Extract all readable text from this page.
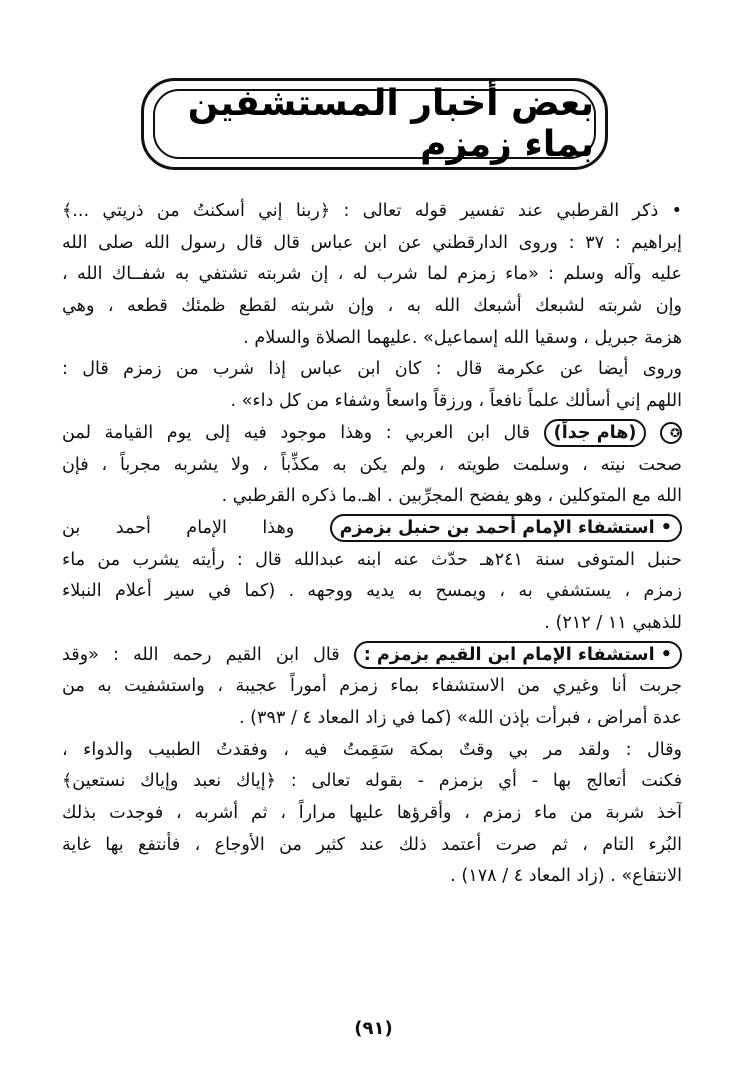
بعض أخبار المستشفين بماء زمزم
• ذكر القرطبي عند تفسير قوله تعالى : ﴿ربنا إني أسكنتُ من ذريتي ...﴾
إبراهيم : ٣٧ : وروى الدارقطني عن ابن عباس قال قال رسول الله صلى الله
عليه وآله وسلم : «ماء زمزم لما شرب له ، إن شربته تشتفي به شفــاك الله ،
وإن شربته لشبعك أشبعك الله به ، وإن شربته لقطع ظمئك قطعه ، وهي
هزمة جبريل ، وسقيا الله إسماعيل» .عليهما الصلاة والسلام .
وروى أيضا عن عكرمة قال : كان ابن عباس إذا شرب من زمزم قال :
اللهم إني أسألك علماً نافعاً ، ورزقاً واسعاً وشفاء من كل داء» .
✪ (هام جداً) قال ابن العربي : وهذا موجود فيه إلى يوم القيامة لمن
صحت نيته ، وسلمت طويته ، ولم يكن به مكذِّباً ، ولا يشربه مجرباً ، فإن
الله مع المتوكلين ، وهو يفضح المجرِّبين . اهـ.ما ذكره القرطبي .
• استشفاء الإمام أحمد بن حنبل بزمزم وهذا الإمام أحمد بن
حنبل المتوفى سنة ٢٤١هـ حدّث عنه ابنه عبدالله قال : رأيته يشرب من ماء
زمزم ، يستشفي به ، ويمسح به يديه ووجهه . (كما في سير أعلام النبلاء
للذهبي ١١ / ٢١٢) .
• استشفاء الإمام ابن القيم بزمزم : قال ابن القيم رحمه الله : «وقد
جربت أنا وغيري من الاستشفاء بماء زمزم أموراً عجيبة ، واستشفيت به من
عدة أمراض ، فبرأت بإذن الله» (كما في زاد المعاد ٤ / ٣٩٣) .
وقال : ولقد مر بي وقتٌ بمكة سَقِمتُ فيه ، وفقدتُ الطبيب والدواء ،
فكنت أتعالج بها - أي بزمزم - بقوله تعالى : ﴿إياك نعبد وإياك نستعين﴾
آخذ شربة من ماء زمزم ، وأقرؤها عليها مراراً ، ثم أشربه ، فوجدت بذلك
البُرء التام ، ثم صرت أعتمد ذلك عند كثير من الأوجاع ، فأنتفع بها غاية
الانتفاع» . (زاد المعاد ٤ / ١٧٨) .
(٩١)
